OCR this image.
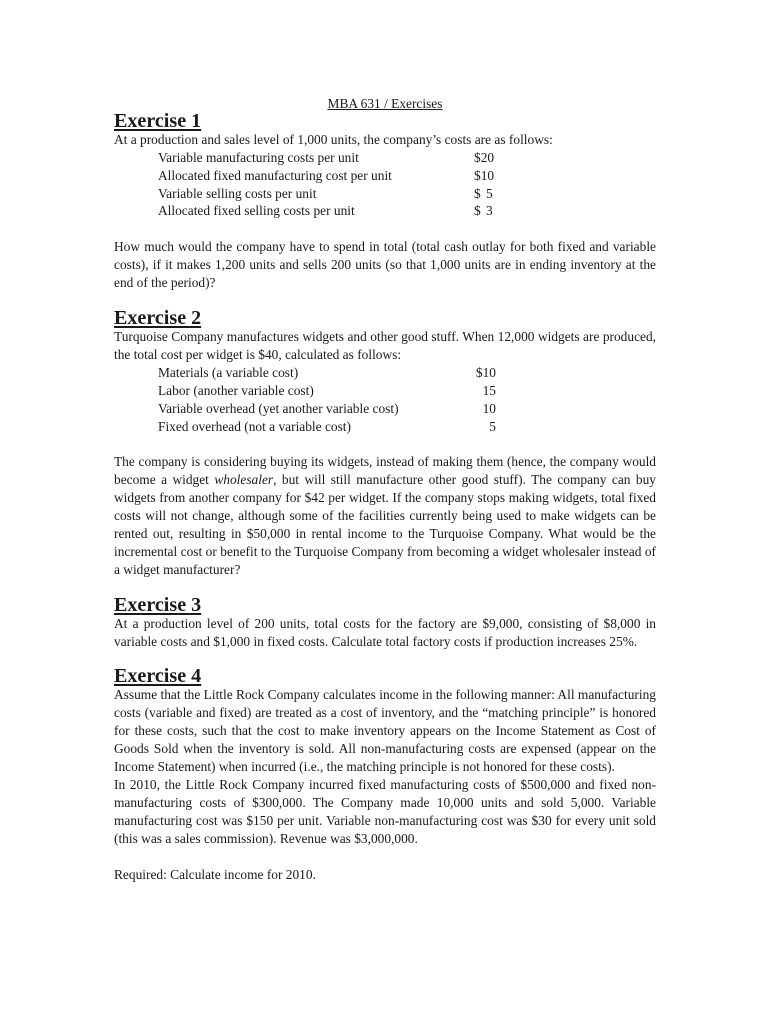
MBA 631 / Exercises
Exercise 1

At a production and sales level of 1,000 units, the company’s costs are as follows:

Variable manufacturing costs per unit	$ 20
Allocated fixed manufacturing cost per unit	$ 10
Variable selling costs per unit	$ 5
Allocated fixed selling costs per unit	$ 3

How much would the company have to spend in total (total cash outlay for both fixed and variable costs), if it makes 1,200 units and sells 200 units (so that 1,000 units are in ending inventory at the end of the period)?

Exercise 2

Turquoise Company manufactures widgets and other good stuff. When 12,000 widgets are produced, the total cost per widget is $40, calculated as follows:

Materials (a variable cost)	$10
Labor (another variable cost)	15
Variable overhead (yet another variable cost)	10
Fixed overhead (not a variable cost)	5

The company is considering buying its widgets, instead of making them (hence, the company would become a widget wholesaler, but will still manufacture other good stuff). The company can buy widgets from another company for $42 per widget. If the company stops making widgets, total fixed costs will not change, although some of the facilities currently being used to make widgets can be rented out, resulting in $50,000 in rental income to the Turquoise Company. What would be the incremental cost or benefit to the Turquoise Company from becoming a widget wholesaler instead of a widget manufacturer?

Exercise 3

At a production level of 200 units, total costs for the factory are $9,000, consisting of $8,000 in variable costs and $1,000 in fixed costs. Calculate total factory costs if production increases 25%.

Exercise 4

Assume that the Little Rock Company calculates income in the following manner: All manufacturing costs (variable and fixed) are treated as a cost of inventory, and the “matching principle” is honored for these costs, such that the cost to make inventory appears on the Income Statement as Cost of Goods Sold when the inventory is sold. All non-manufacturing costs are expensed (appear on the Income Statement) when incurred (i.e., the matching principle is not honored for these costs).

In 2010, the Little Rock Company incurred fixed manufacturing costs of $500,000 and fixed non-manufacturing costs of $300,000. The Company made 10,000 units and sold 5,000. Variable manufacturing cost was $150 per unit. Variable non-manufacturing cost was $30 for every unit sold (this was a sales commission). Revenue was $3,000,000.

Required: Calculate income for 2010.
